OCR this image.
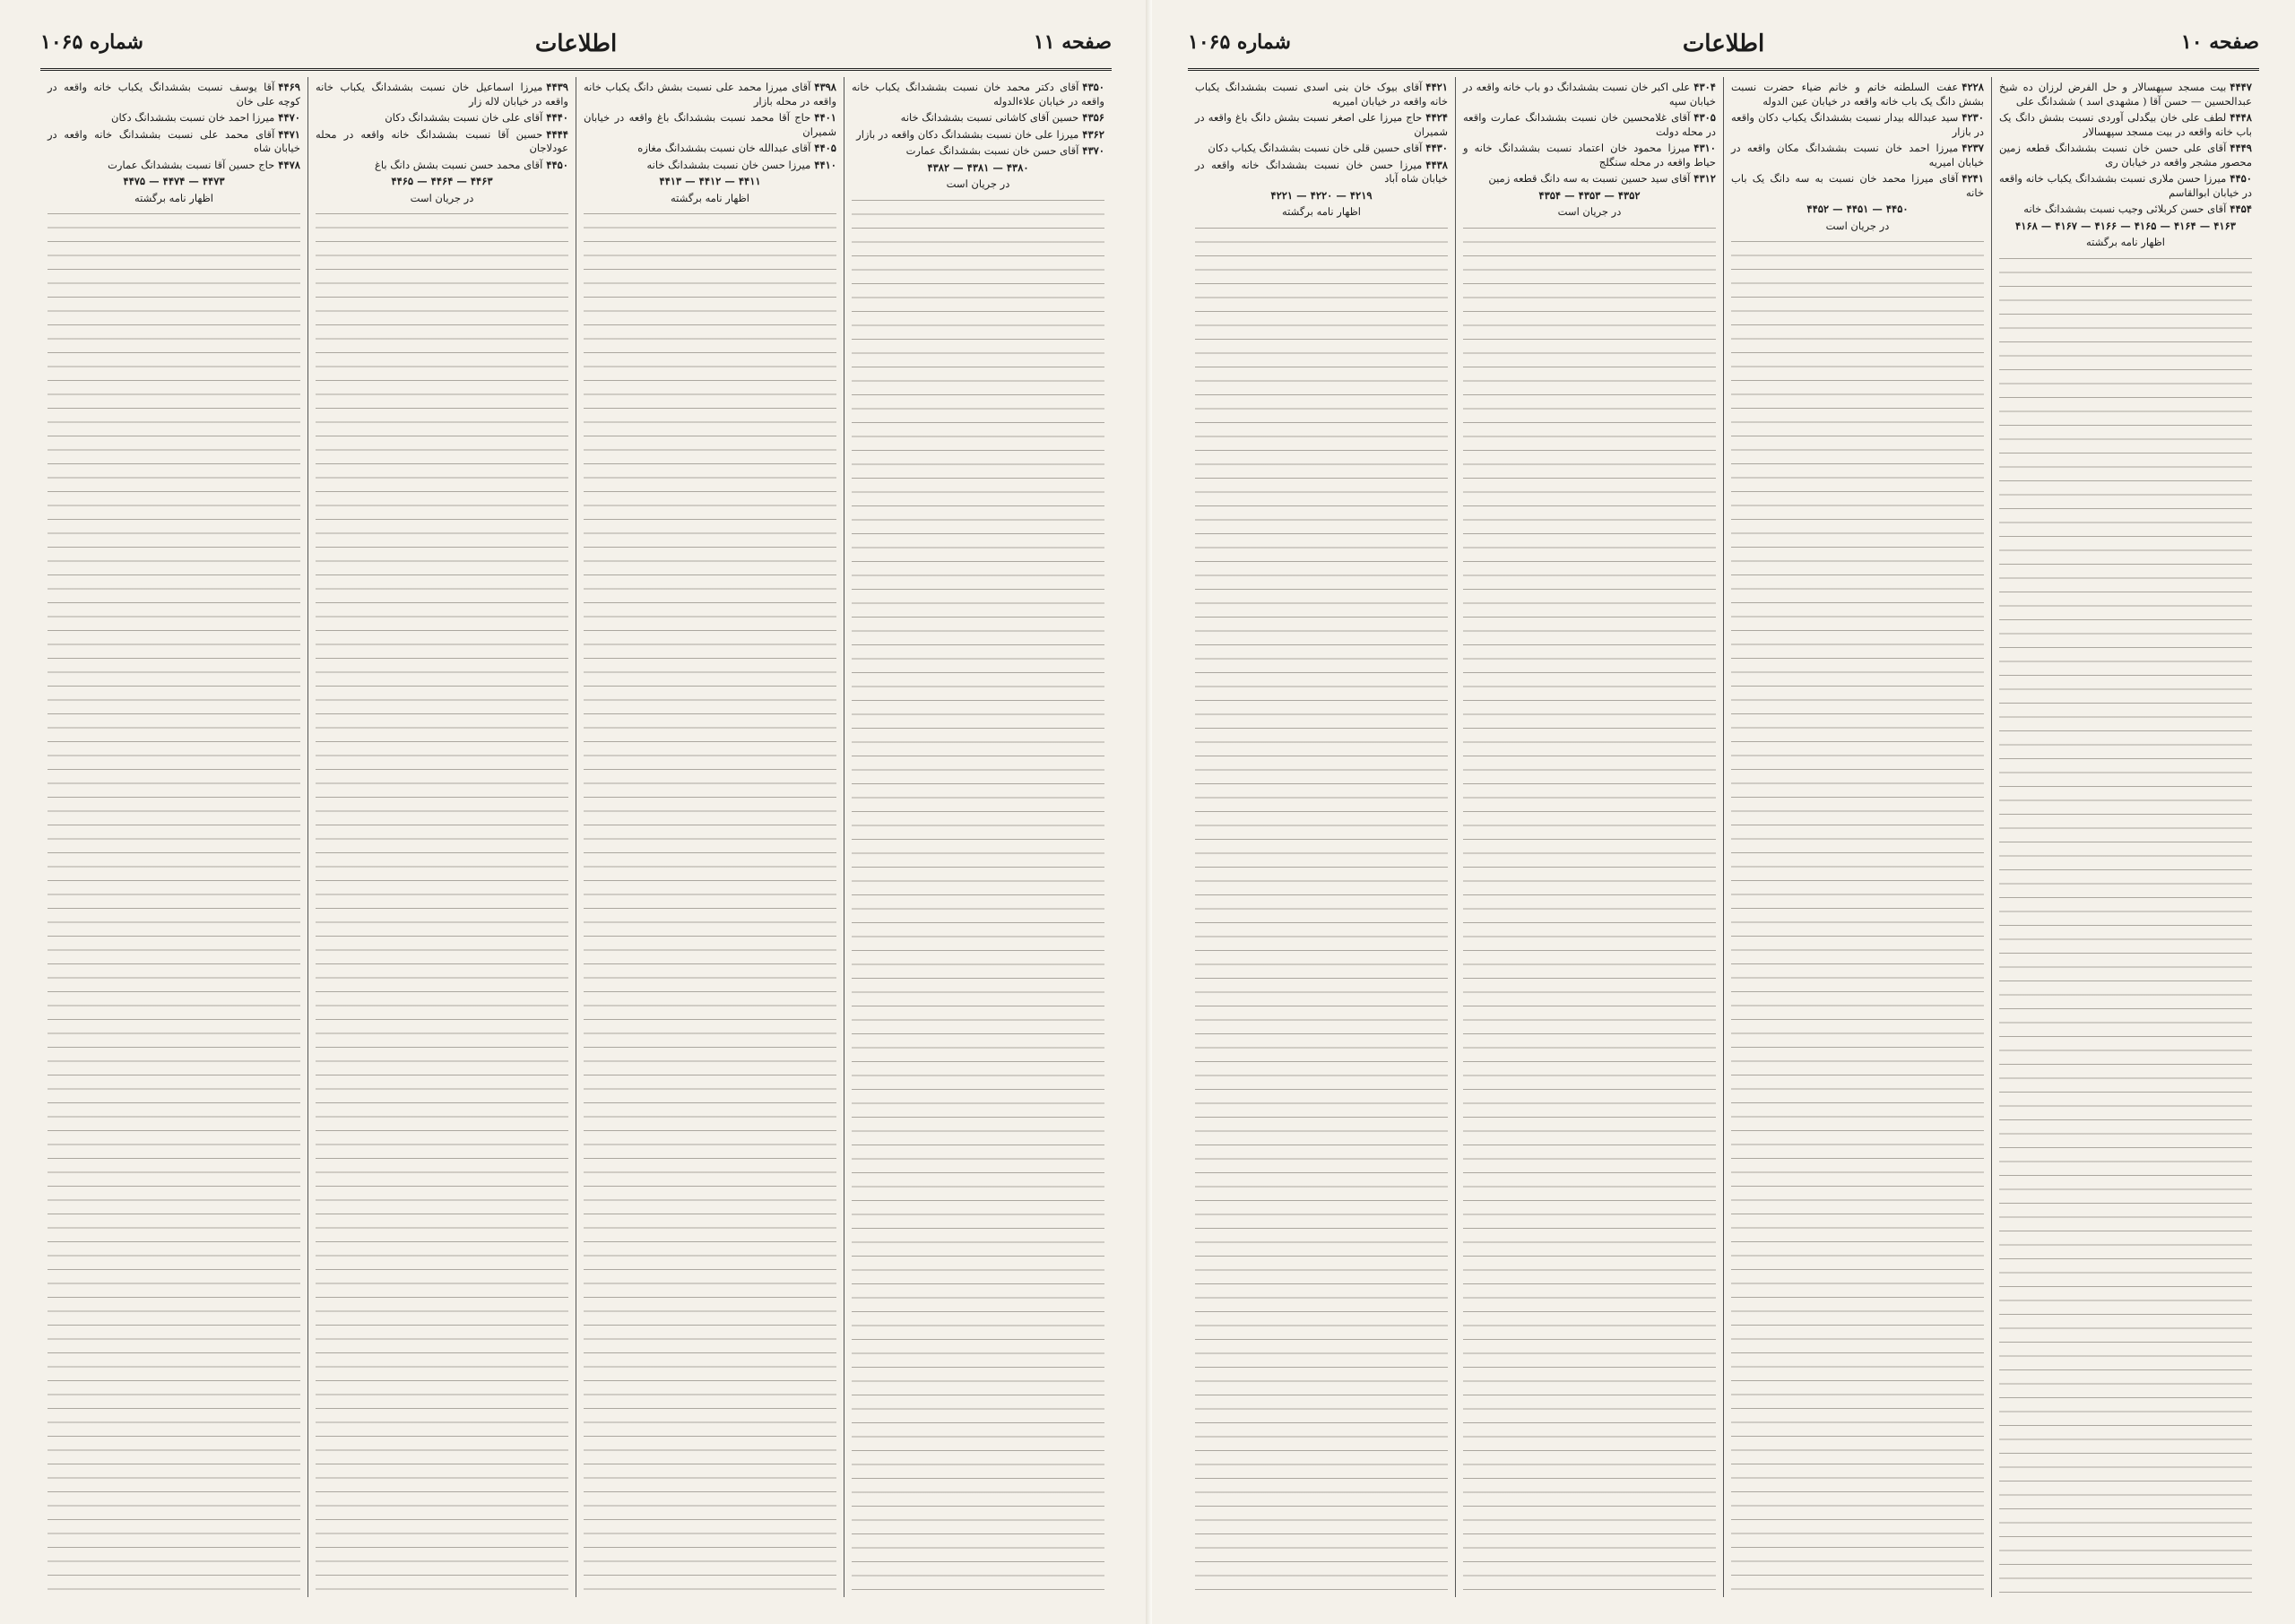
شماره ۱۰۶۵	اطلاعات	صفحه ۱۱

۴۳۵۰آقای دکتر محمد خان نسبت بششدانگ یکباب خانه واقعه در خیابان علاءالدوله

۴۳۵۶حسین آقای کاشانی نسبت بششدانگ خانه

۴۳۶۲میرزا علی خان نسبت بششدانگ دکان واقعه در بازار

۴۳۷۰آقای حسن خان نسبت بششدانگ عمارت

۴۳۸۰ — ۴۳۸۱ — ۴۳۸۲
در جریان است

۴۳۹۸آقای میرزا محمد علی نسبت بشش دانگ یکباب خانه واقعه در محله بازار

۴۴۰۱حاج آقا محمد نسبت بششدانگ باغ واقعه در خیابان شمیران

۴۴۰۵آقای عبدالله خان نسبت بششدانگ مغازه

۴۴۱۰میرزا حسن خان نسبت بششدانگ خانه

۴۴۱۱ — ۴۴۱۲ — ۴۴۱۳
اظهار نامه برگشته

۴۴۳۹میرزا اسماعیل خان نسبت بششدانگ یکباب خانه واقعه در خیابان لاله زار

۴۴۴۰آقای علی خان نسبت بششدانگ دکان

۴۴۴۴حسین آقا نسبت بششدانگ خانه واقعه در محله عودلاجان

۴۴۵۰آقای محمد حسن نسبت بشش دانگ باغ

۴۴۶۳ — ۴۴۶۴ — ۴۴۶۵
در جریان است

۴۴۶۹آقا یوسف نسبت بششدانگ یکباب خانه واقعه در کوچه علی خان

۴۴۷۰میرزا احمد خان نسبت بششدانگ دکان

۴۴۷۱آقای محمد علی نسبت بششدانگ خانه واقعه در خیابان شاه

۴۴۷۸حاج حسین آقا نسبت بششدانگ عمارت

۴۴۷۳ — ۴۴۷۴ — ۴۴۷۵
اظهار نامه برگشته
شماره ۱۰۶۵	اطلاعات	صفحه ۱۰

۴۴۴۷بیت مسجد سپهسالار و حل الفرض لرزان ده شیخ عبدالحسین — حسن آقا ( مشهدی اسد ) ششدانگ علی

۴۴۴۸لطف علی خان بیگدلی آوردی نسبت بشش دانگ یک باب خانه واقعه در بیت مسجد سپهسالار

۴۴۴۹آقای علی حسن خان نسبت بششدانگ قطعه زمین محصور مشجر واقعه در خیابان ری

۴۴۵۰میرزا حسن ملاری نسبت بششدانگ یکباب خانه واقعه در خیابان ابوالقاسم

۴۴۵۴آقای حسن کربلائی وجیب نسبت بششدانگ خانه

۴۱۶۳ — ۴۱۶۴ — ۴۱۶۵ — ۴۱۶۶ — ۴۱۶۷ — ۴۱۶۸
اظهار نامه برگشته

۴۲۲۸عفت السلطنه خانم و خانم ضیاء حضرت نسبت بشش دانگ یک باب خانه واقعه در خیابان عین الدوله

۴۲۳۰سید عبدالله بیدار نسبت بششدانگ یکباب دکان واقعه در بازار

۴۲۳۷میرزا احمد خان نسبت بششدانگ مکان واقعه در خیابان امیریه

۴۲۴۱آقای میرزا محمد خان نسبت به سه دانگ یک باب خانه

۴۴۵۰ — ۴۴۵۱ — ۴۴۵۲
در جریان است

۴۳۰۴علی اکبر خان نسبت بششدانگ دو باب خانه واقعه در خیابان سپه

۴۳۰۵آقای غلامحسین خان نسبت بششدانگ عمارت واقعه در محله دولت

۴۳۱۰میرزا محمود خان اعتماد نسبت بششدانگ خانه و حیاط واقعه در محله سنگلج

۴۳۱۲آقای سید حسین نسبت به سه دانگ قطعه زمین

۴۳۵۲ — ۴۳۵۳ — ۴۳۵۴
در جریان است

۴۴۲۱آقای بیوک خان بنی اسدی نسبت بششدانگ یکباب خانه واقعه در خیابان امیریه

۴۴۲۴حاج میرزا علی اصغر نسبت بشش دانگ باغ واقعه در شمیران

۴۴۳۰آقای حسین قلی خان نسبت بششدانگ یکباب دکان

۴۴۳۸میرزا حسن خان نسبت بششدانگ خانه واقعه در خیابان شاه آباد

۴۲۱۹ — ۴۲۲۰ — ۴۲۲۱
اظهار نامه برگشته
